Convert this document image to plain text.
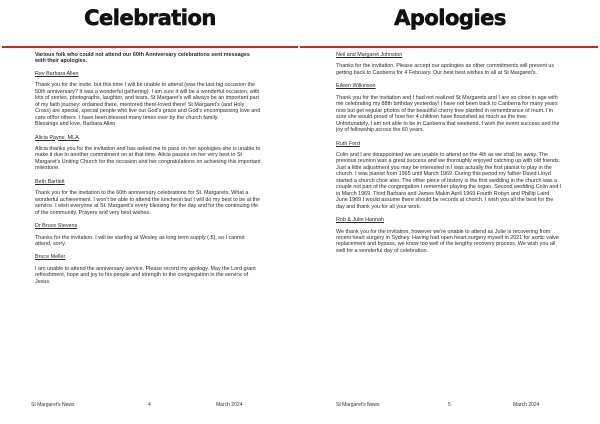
Celebration

Various folk who could not attend our 60th Anniversary celebrations sent messages with their apologies.

Rev Barbara Allen

Thank you for the invite, but this time I will be unable to attend (was the last big occasion the 50th anniversary? It was a wonderful gathering). I am sure it will be a wonderful occasion, with lots of stories, photographs, laughter, and tears. St Margaret's will always be an important part of my faith journey: ordained there, mentored there-loved there! St Margaret's (and Holy Cross) are special, special people who live out God's grace and God's encompassing love and care of/for others. I have been blessed many times over by the church family.
Blessings and love, Barbara Allen

Alicia Payne, MLA

Alicia thanks you for the invitation and has asked me to pass on her apologies-she is unable to make it due to another commitment on at that time. Alicia passes on her very best to St Margaret's Uniting Church for the occasion and her congratulations on achieving this important milestone.

Beth Bartlett

Thank you for the invitation to the 60th anniversary celebrations for St. Margarets. What a wonderful achievement. I won't be able to attend the luncheon but I will do my best to be at the service. I wish everyone at St. Margaret's every blessing for the day and for the continuing life of the community. Prayers and very best wishes.

Dr Bruce Stevens

Thanks for the invitation. I will be starting at Wesley as long term supply (.5), so I cannot attend, sorry.

Bruce Meller

I am unable to attend the anniversary service. Please record my apology. May the Lord grant refreshment, hope and joy to his people and strength to the congregation in the service of Jesus.

St Margaret's News	4	March 2024
Apologies
Neil and Margaret Johnston

Thanks for the invitation. Please accept our apologies as other commitments will prevent us getting back to Canberra for 4 February. Our best best wishes to all at St Margaret's.

Eileen Wilkinson

Thank you for the invitation and I had not realized St Margarets and I are so close in age with me celebrating my 88th birthday yesterday! I have not been back to Canberra for many years now but get regular photos of the beautiful cherry tree planted in remembrance of mum. I'm sure she would proud of how her 4 children have flourished as much as the tree. Unfortunately, I am not able to be in Canberra that weekend. I wish the event success and the joy of fellowship across the 60 years.

Ruth Ford

Colin and I are disappointed we are unable to attend on the 4th as we shall be away. The previous reunion was a great success and we thoroughly enjoyed catching up with old friends. Just a little adjustment you may be interested in I was actually the first pianist to play in the church. I was pianist from 1965 until March 1969. During this period my father David Lloyd started a church choir also. The other piece of history is the first wedding in the church was a couple not part of the congregation I remember playing the organ. Second wedding Colin and I in March 1969. Third Barbara and James Makin April 1969 Fourth Robyn and Phillip Laird June 1969 I would assume there should be records at church. I wish you all the best for the day and thank you for all your work.

Rob & Julie Hannah

We thank you for the invitation, however we're unable to attend as Julie is recovering from recent heart surgery in Sydney. Having had open heart surgery myself in 2021 for aortic valve replacement and bypass, we know too well of the lengthy recovery process. We wish you all well for a wonderful day of celebration.

St Margaret's News	5	March 2024
